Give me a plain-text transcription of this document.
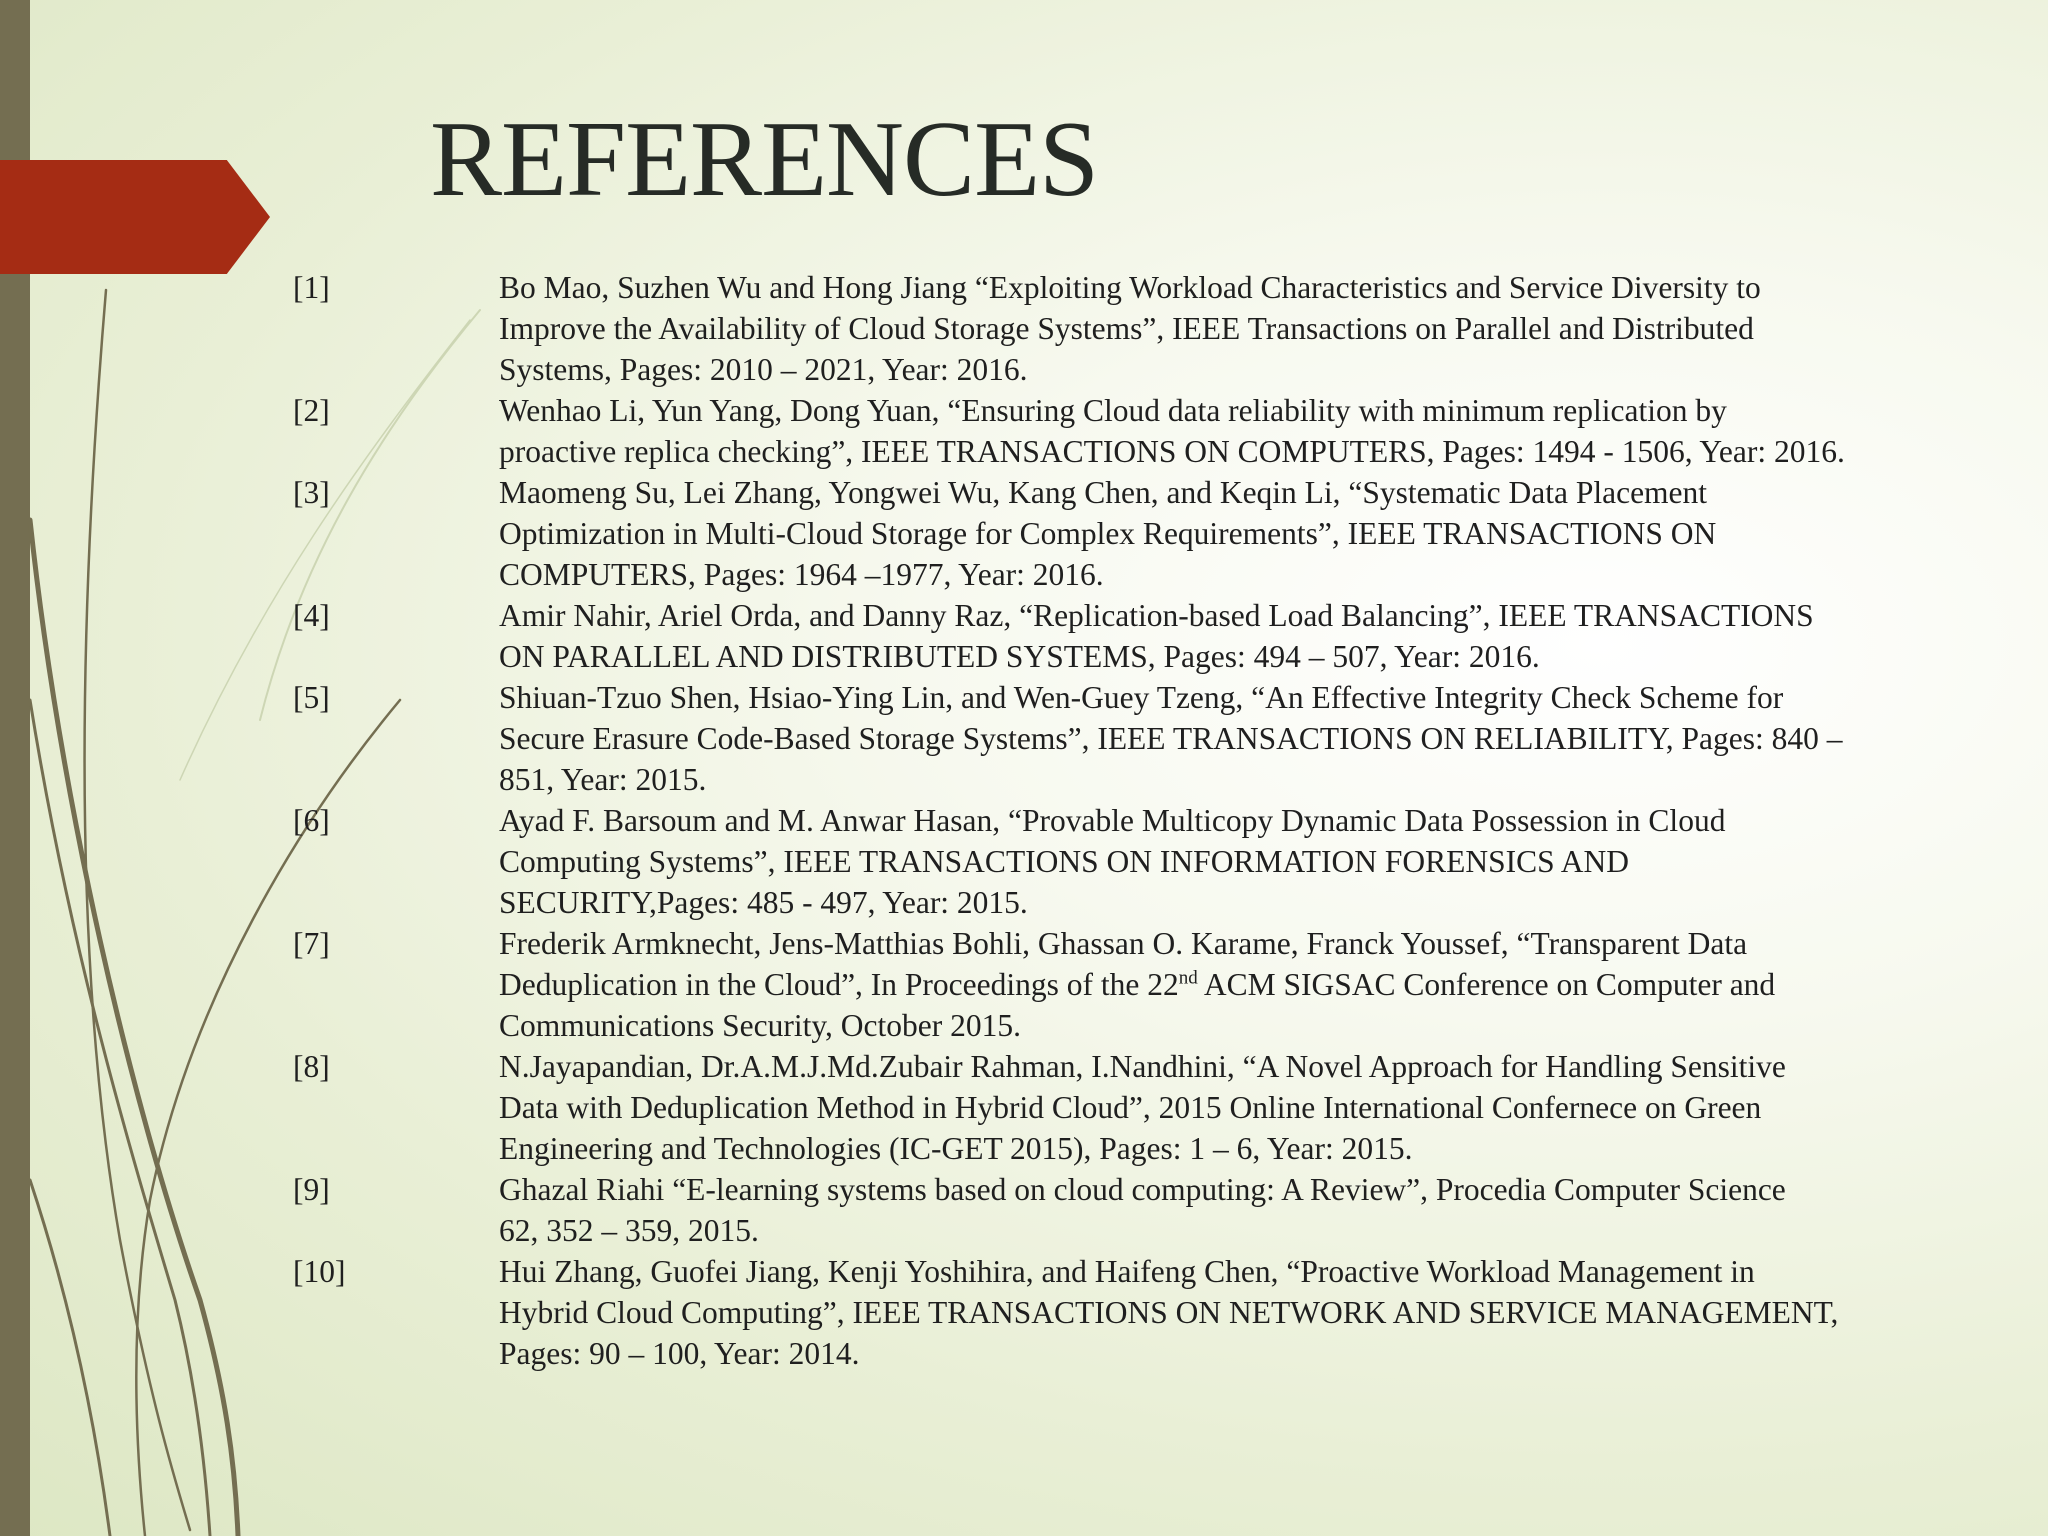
REFERENCES
[1]	Bo Mao, Suzhen Wu and Hong Jiang “Exploiting Workload Characteristics and Service Diversity to
Improve the Availability of Cloud Storage Systems”, IEEE Transactions on Parallel and Distributed
Systems, Pages: 2010 – 2021, Year: 2016.
[2]	Wenhao Li, Yun Yang, Dong Yuan, “Ensuring Cloud data reliability with minimum replication by
proactive replica checking”, IEEE TRANSACTIONS ON COMPUTERS, Pages: 1494 - 1506, Year: 2016.
[3]	Maomeng Su, Lei Zhang, Yongwei Wu, Kang Chen, and Keqin Li, “Systematic Data Placement
Optimization in Multi-Cloud Storage for Complex Requirements”, IEEE TRANSACTIONS ON
COMPUTERS, Pages: 1964 –1977, Year: 2016.
[4]	Amir Nahir, Ariel Orda, and Danny Raz, “Replication-based Load Balancing”, IEEE TRANSACTIONS
ON PARALLEL AND DISTRIBUTED SYSTEMS, Pages: 494 – 507, Year: 2016.
[5]	Shiuan-Tzuo Shen, Hsiao-Ying Lin, and Wen-Guey Tzeng, “An Effective Integrity Check Scheme for
Secure Erasure Code-Based Storage Systems”, IEEE TRANSACTIONS ON RELIABILITY, Pages: 840 –
851, Year: 2015.
[6]	Ayad F. Barsoum and M. Anwar Hasan, “Provable Multicopy Dynamic Data Possession in Cloud
Computing Systems”, IEEE TRANSACTIONS ON INFORMATION FORENSICS AND
SECURITY,Pages: 485 - 497, Year: 2015.
[7]	Frederik Armknecht, Jens-Matthias Bohli, Ghassan O. Karame, Franck Youssef, “Transparent Data
Deduplication in the Cloud”, In Proceedings of the 22nd ACM SIGSAC Conference on Computer and
Communications Security, October 2015.
[8]	N.Jayapandian, Dr.A.M.J.Md.Zubair Rahman, I.Nandhini, “A Novel Approach for Handling Sensitive
Data with Deduplication Method in Hybrid Cloud”, 2015 Online International Confernece on Green
Engineering and Technologies (IC-GET 2015), Pages: 1 – 6, Year: 2015.
[9]	Ghazal Riahi “E-learning systems based on cloud computing: A Review”, Procedia Computer Science
62, 352 – 359, 2015.
[10]	Hui Zhang, Guofei Jiang, Kenji Yoshihira, and Haifeng Chen, “Proactive Workload Management in
Hybrid Cloud Computing”, IEEE TRANSACTIONS ON NETWORK AND SERVICE MANAGEMENT,
Pages: 90 – 100, Year: 2014.
